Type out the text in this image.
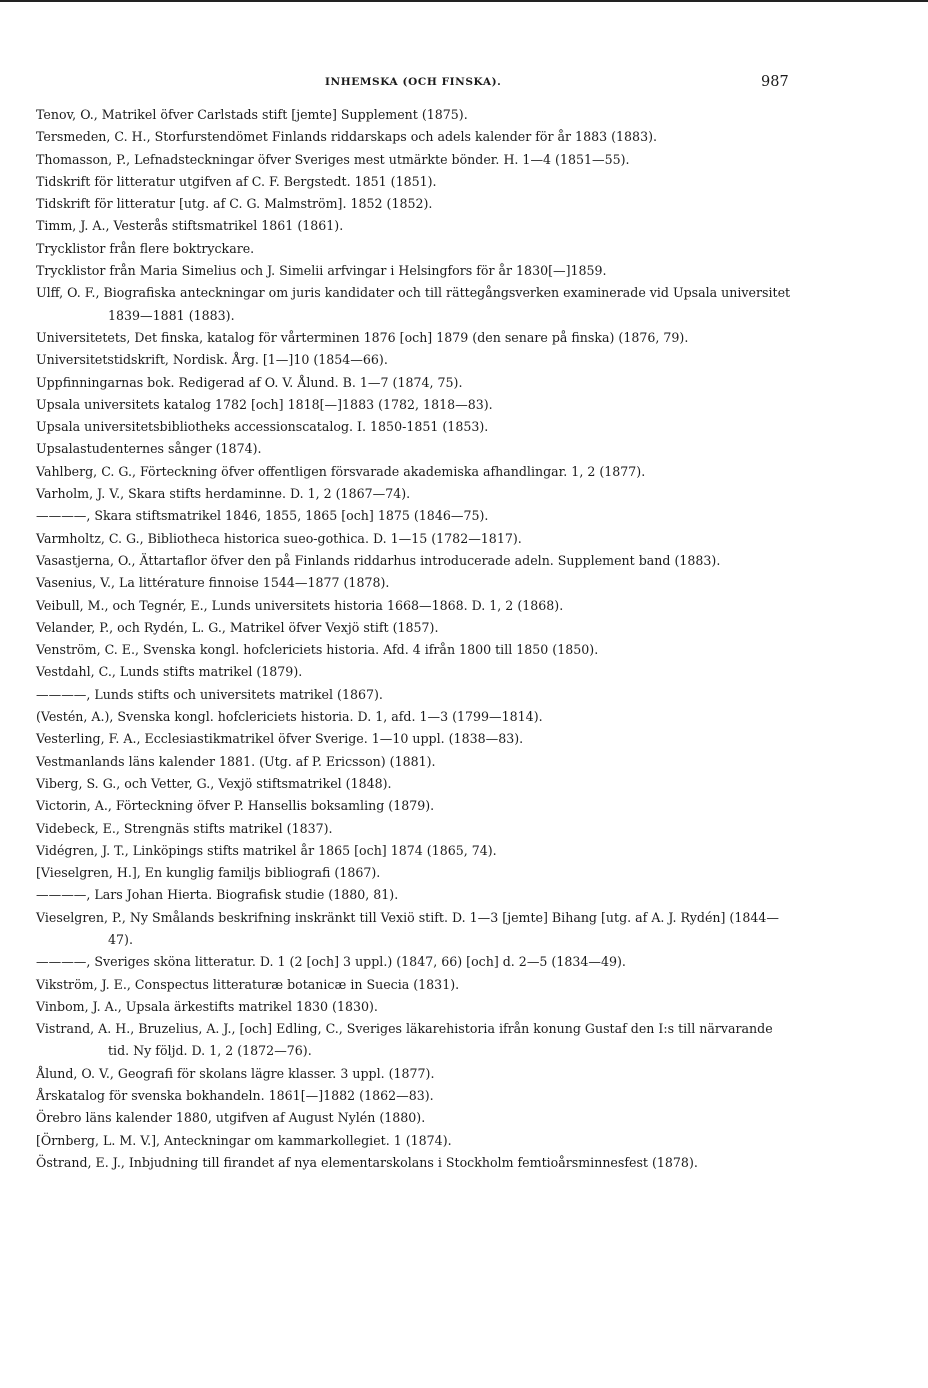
INHEMSKA (OCH FINSKA).	987
Tenov, O., Matrikel öfver Carlstads stift [jemte] Supplement (1875).
Tersmeden, C. H., Storfurstendömet Finlands riddarskaps och adels kalender för år 1883 (1883).
Thomasson, P., Lefnadsteckningar öfver Sveriges mest utmärkte bönder. H. 1—4 (1851—55).
Tidskrift för litteratur utgifven af C. F. Bergstedt. 1851 (1851).
Tidskrift för litteratur [utg. af C. G. Malmström]. 1852 (1852).
Timm, J. A., Vesterås stiftsmatrikel 1861 (1861).
Trycklistor från flere boktryckare.
Trycklistor från Maria Simelius och J. Simelii arfvingar i Helsingfors för år 1830[—]1859.
Ulff, O. F., Biografiska anteckningar om juris kandidater och till rättegångsverken examinerade vid Upsala universitet 1839—1881 (1883).
Universitetets, Det finska, katalog för vårterminen 1876 [och] 1879 (den senare på finska) (1876, 79).
Universitetstidskrift, Nordisk. Årg. [1—]10 (1854—66).
Uppfinningarnas bok. Redigerad af O. V. Ålund. B. 1—7 (1874, 75).
Upsala universitets katalog 1782 [och] 1818[—]1883 (1782, 1818—83).
Upsala universitetsbibliotheks accessionscatalog. I. 1850-1851 (1853).
Upsalastudenternes sånger (1874).
Vahlberg, C. G., Förteckning öfver offentligen försvarade akademiska afhandlingar. 1, 2 (1877).
Varholm, J. V., Skara stifts herdaminne. D. 1, 2 (1867—74).
————, Skara stiftsmatrikel 1846, 1855, 1865 [och] 1875 (1846—75).
Varmholtz, C. G., Bibliotheca historica sueo-gothica. D. 1—15 (1782—1817).
Vasastjerna, O., Ättartaflor öfver den på Finlands riddarhus introducerade adeln. Supplement band (1883).
Vasenius, V., La littérature finnoise 1544—1877 (1878).
Veibull, M., och Tegnér, E., Lunds universitets historia 1668—1868. D. 1, 2 (1868).
Velander, P., och Rydén, L. G., Matrikel öfver Vexjö stift (1857).
Venström, C. E., Svenska kongl. hofclericiets historia. Afd. 4 ifrån 1800 till 1850 (1850).
Vestdahl, C., Lunds stifts matrikel (1879).
————, Lunds stifts och universitets matrikel (1867).
(Vestén, A.), Svenska kongl. hofclericiets historia. D. 1, afd. 1—3 (1799—1814).
Vesterling, F. A., Ecclesiastikmatrikel öfver Sverige. 1—10 uppl. (1838—83).
Vestmanlands läns kalender 1881. (Utg. af P. Ericsson) (1881).
Viberg, S. G., och Vetter, G., Vexjö stiftsmatrikel (1848).
Victorin, A., Förteckning öfver P. Hansellis boksamling (1879).
Videbeck, E., Strengnäs stifts matrikel (1837).
Vidégren, J. T., Linköpings stifts matrikel år 1865 [och] 1874 (1865, 74).
[Vieselgren, H.], En kunglig familjs bibliografi (1867).
————, Lars Johan Hierta. Biografisk studie (1880, 81).
Vieselgren, P., Ny Smålands beskrifning inskränkt till Vexiö stift. D. 1—3 [jemte] Bihang [utg. af A. J. Rydén] (1844—47).
————, Sveriges sköna litteratur. D. 1 (2 [och] 3 uppl.) (1847, 66) [och] d. 2—5 (1834—49).
Vikström, J. E., Conspectus litteraturæ botanicæ in Suecia (1831).
Vinbom, J. A., Upsala ärkestifts matrikel 1830 (1830).
Vistrand, A. H., Bruzelius, A. J., [och] Edling, C., Sveriges läkarehistoria ifrån konung Gustaf den I:s till närvarande tid. Ny följd. D. 1, 2 (1872—76).
Ålund, O. V., Geografi för skolans lägre klasser. 3 uppl. (1877).
Årskatalog för svenska bokhandeln. 1861[—]1882 (1862—83).
Örebro läns kalender 1880, utgifven af August Nylén (1880).
[Örnberg, L. M. V.], Anteckningar om kammarkollegiet. 1 (1874).
Östrand, E. J., Inbjudning till firandet af nya elementarskolans i Stockholm femtioårsminnesfest (1878).
